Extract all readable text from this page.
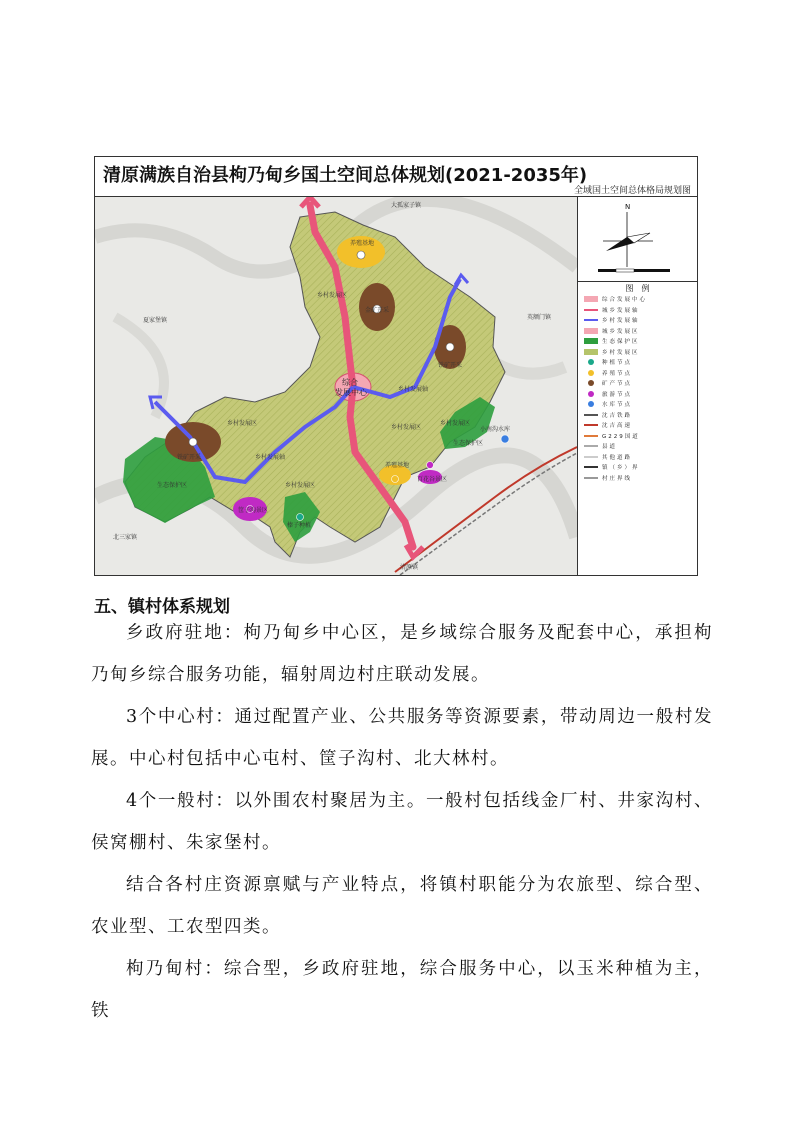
清原满族自治县枸乃甸乡国土空间总体规划(2021-2035年)
全域国土空间总体格局规划图
大孤家子镇
夏家堡镇	英额门镇
北三家镇
清原镇
养殖基地
养殖基地
金矿开采
铁矿开采
铁矿开采
生态保护区
生态保护区
筐子沟景区
百花谷景区
榛子种植
小南沟水库
乡村发展区
乡村发展区
乡村发展区
乡村发展区
乡村发展区
乡村发展轴
乡村发展轴
综合
发展中心
N
图　例
综合发展中心
城乡发展轴
乡村发展轴
城乡发展区
生态保护区
乡村发展区
种植节点
养殖节点
矿产节点
旅游节点
水库节点
沈吉铁路
沈吉高速
G229国道
县道
其他道路
镇（乡）界
村庄界线
五、镇村体系规划

乡政府驻地：枸乃甸乡中心区，是乡域综合服务及配套中心，承担枸乃甸乡综合服务功能，辐射周边村庄联动发展。

3个中心村：通过配置产业、公共服务等资源要素，带动周边一般村发展。中心村包括中心屯村、筐子沟村、北大林村。

4个一般村：以外围农村聚居为主。一般村包括线金厂村、井家沟村、侯窝棚村、朱家堡村。

结合各村庄资源禀赋与产业特点，将镇村职能分为农旅型、综合型、农业型、工农型四类。

枸乃甸村：综合型，乡政府驻地，综合服务中心，以玉米种植为主，铁
